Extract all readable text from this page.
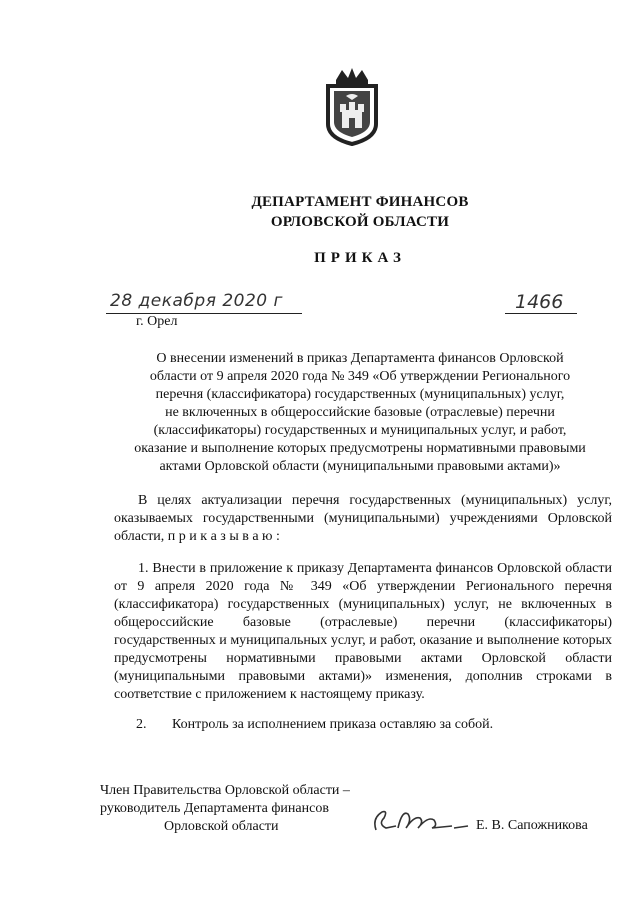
ДЕПАРТАМЕНТ ФИНАНСОВ
ОРЛОВСКОЙ ОБЛАСТИ
ПРИКАЗ
28 декабря 2020 г	1466
г. Орел
О внесении изменений в приказ Департамента финансов Орловской
области от 9 апреля 2020 года № 349 «Об утверждении Регионального
перечня (классификатора) государственных (муниципальных) услуг,
не включенных в общероссийские базовые (отраслевые) перечни
(классификаторы) государственных и муниципальных услуг, и работ,
оказание и выполнение которых предусмотрены нормативными правовыми
актами Орловской области (муниципальными правовыми актами)»
В целях актуализации перечня государственных (муниципальных) услуг, оказываемых государственными (муниципальными) учреждениями Орловской области, п р и к а з ы в а ю :
1. Внести в приложение к приказу Департамента финансов Орловской области от 9 апреля 2020 года № 349 «Об утверждении Регионального перечня (классификатора) государственных (муниципальных) услуг, не включенных в общероссийские базовые (отраслевые) перечни (классификаторы) государственных и муниципальных услуг, и работ, оказание и выполнение которых предусмотрены нормативными правовыми актами Орловской области (муниципальными правовыми актами)» изменения, дополнив строками в соответствие с приложением к настоящему приказу.
2. Контроль за исполнением приказа оставляю за собой.
Член Правительства Орловской области –
руководитель Департамента финансов
Орловской области	Е. В. Сапожникова
